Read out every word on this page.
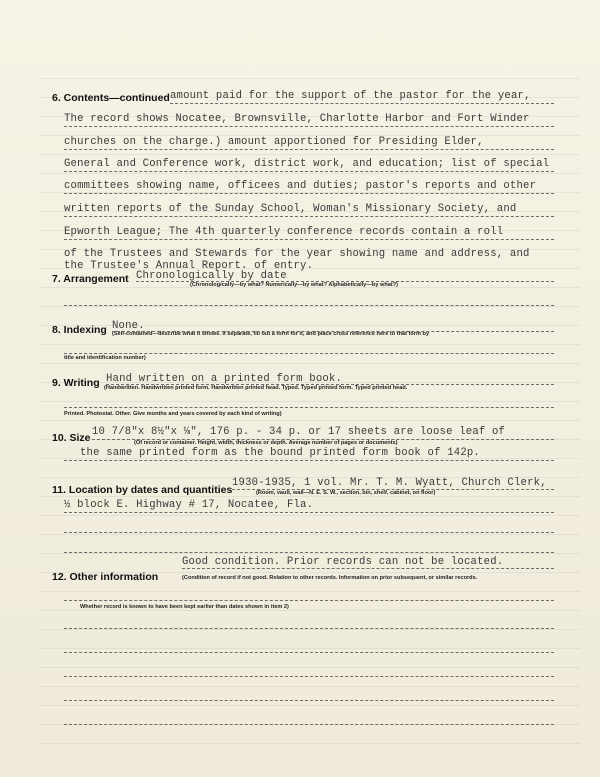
6. Contents—continued amount paid for the support of the pastor for the year,
The record shows Nocatee, Brownsville, Charlotte Harbor and Fort Winder
churches on the charge.) amount apportioned for Presiding Elder,
General and Conference work, district work, and education; list of special
committees showing name, officees and duties; pastor's reports and other
written reports of the Sunday School, Woman's Missionary Society, and
Epworth League; The 4th quarterly conference records contain a roll
of the Trustees and Stewards for the year showing name and address, and
the Trustee's Annual Report. of entry.
7. Arrangement Chronologically by date
(Chronologically—by what? Numerically—by what? Alphabetically—by what?)
8. Indexing None.
(Self-contained—describe what it shows. If separate, fill out a form for it, and place cross reference here to that form by
title and identification number)
9. Writing Hand written on a printed form book.
(Handwritten. Handwritten printed form. Handwritten printed head. Typed. Typed printed form. Typed printed head.
Printed. Photostat. Other. Give months and years covered by each kind of writing)
10. Size 10 7/8"x 8½"x ⅛", 176 p. - 34 p. or 17 sheets are loose leaf of
(Of record or container. Height, width, thickness or depth. Average number of pages or documents)
the same printed form as the bound printed form book of 142p.
11. Location by dates and quantities
1930-1935, 1 vol. Mr. T. M. Wyatt, Church Clerk,
(Room, vault, wall—N. E. S. W., section, bin, shelf, cabinet, on floor)
½ block E. Highway # 17, Nocatee, Fla.
12. Other information
Good condition. Prior records can not be located.
(Condition of record if not good. Relation to other records. Information on prior subsequent, or similar records.
Whether record is known to have been kept earlier than dates shown in item 2)
